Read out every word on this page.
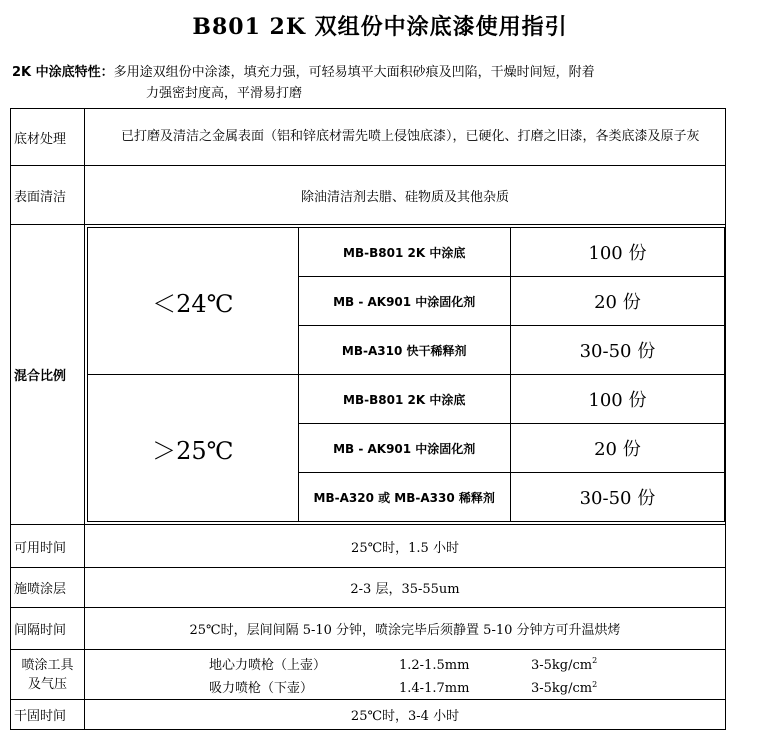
B801 2K 双组份中涂底漆使用指引
2K 中涂底特性：多用途双组份中涂漆，填充力强，可轻易填平大面积砂痕及凹陷，干燥时间短，附着
力强密封度高，平滑易打磨
底材处理	已打磨及清洁之金属表面（铝和锌底材需先喷上侵蚀底漆），已硬化、打磨之旧漆，各类底漆及原子灰
表面清洁	除油清洁剂去腊、硅物质及其他杂质
混合比例	
＜24℃	MB-B801 2K 中涂底	100 份
MB - AK901 中涂固化剂	20 份
MB-A310 快干稀释剂	30-50 份
＞25℃	MB-B801 2K 中涂底	100 份
MB - AK901 中涂固化剂	20 份
MB-A320 或 MB-A330 稀释剂	30-50 份

可用时间	25℃时，1.5 小时
施喷涂层	2-3 层，35-55um
间隔时间	25℃时，层间间隔 5-10 分钟，喷涂完毕后须静置 5-10 分钟方可升温烘烤

喷涂工具
及气压

地心力喷枪（上壶）	1.2-1.5mm	$3-5kg/cm^2$
吸力喷枪（下壶）	1.4-1.7mm	$3-5kg/cm^2$

干固时间	25℃时，3-4 小时
